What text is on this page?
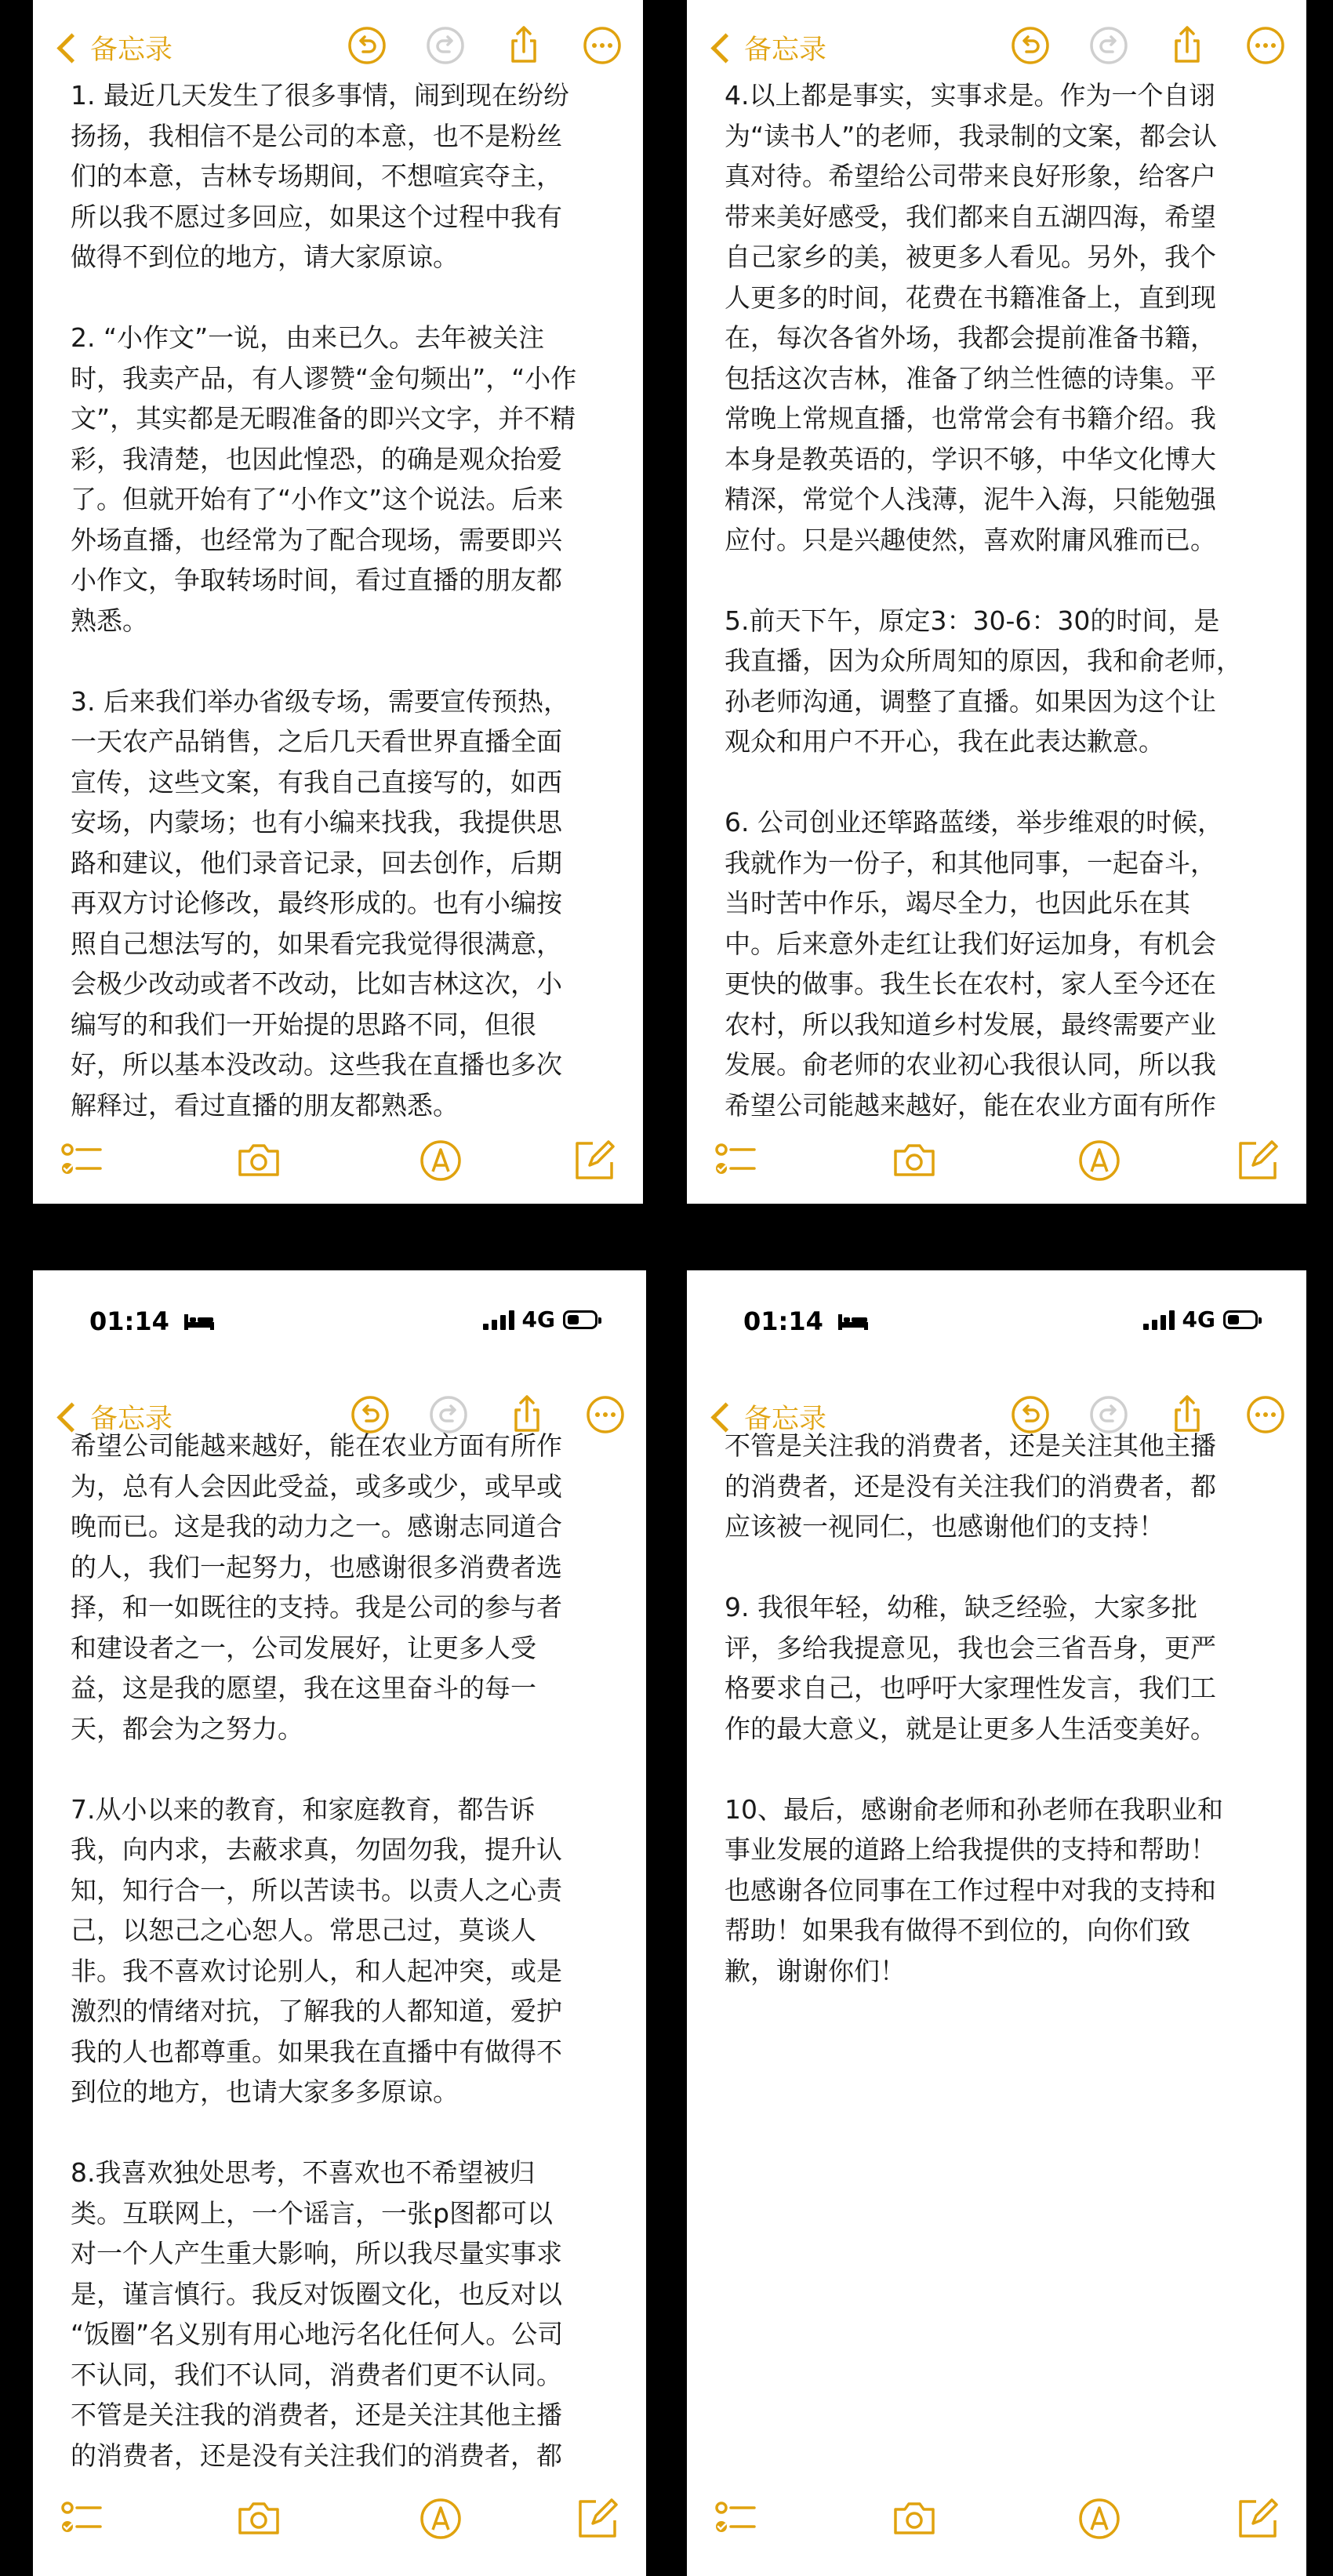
备忘录

1. 最近几天发生了很多事情，闹到现在纷纷
扬扬，我相信不是公司的本意，也不是粉丝
们的本意，吉林专场期间，不想喧宾夺主，
所以我不愿过多回应，如果这个过程中我有
做得不到位的地方，请大家原谅。

2. “小作文”一说，由来已久。去年被关注
时，我卖产品，有人谬赞“金句频出”，“小作
文”，其实都是无暇准备的即兴文字，并不精
彩，我清楚，也因此惶恐，的确是观众抬爱
了。但就开始有了“小作文”这个说法。后来
外场直播，也经常为了配合现场，需要即兴
小作文，争取转场时间，看过直播的朋友都
熟悉。

3. 后来我们举办省级专场，需要宣传预热，
一天农产品销售，之后几天看世界直播全面
宣传，这些文案，有我自己直接写的，如西
安场，内蒙场；也有小编来找我，我提供思
路和建议，他们录音记录，回去创作，后期
再双方讨论修改，最终形成的。也有小编按
照自己想法写的，如果看完我觉得很满意，
会极少改动或者不改动，比如吉林这次，小
编写的和我们一开始提的思路不同，但很
好，所以基本没改动。这些我在直播也多次
解释过，看过直播的朋友都熟悉。

备忘录

4.以上都是事实，实事求是。作为一个自诩
为“读书人”的老师，我录制的文案，都会认
真对待。希望给公司带来良好形象，给客户
带来美好感受，我们都来自五湖四海，希望
自己家乡的美，被更多人看见。另外，我个
人更多的时间，花费在书籍准备上，直到现
在，每次各省外场，我都会提前准备书籍，
包括这次吉林，准备了纳兰性德的诗集。平
常晚上常规直播，也常常会有书籍介绍。我
本身是教英语的，学识不够，中华文化博大
精深，常觉个人浅薄，泥牛入海，只能勉强
应付。只是兴趣使然，喜欢附庸风雅而已。

5.前天下午，原定3：30-6：30的时间，是
我直播，因为众所周知的原因，我和俞老师，
孙老师沟通，调整了直播。如果因为这个让
观众和用户不开心，我在此表达歉意。

6. 公司创业还筚路蓝缕，举步维艰的时候，
我就作为一份子，和其他同事，一起奋斗，
当时苦中作乐，竭尽全力，也因此乐在其
中。后来意外走红让我们好运加身，有机会
更快的做事。我生长在农村，家人至今还在
农村，所以我知道乡村发展，最终需要产业
发展。俞老师的农业初心我很认同，所以我
希望公司能越来越好，能在农业方面有所作

01:14	4G
备忘录

希望公司能越来越好，能在农业方面有所作
为，总有人会因此受益，或多或少，或早或
晚而已。这是我的动力之一。感谢志同道合
的人，我们一起努力，也感谢很多消费者选
择，和一如既往的支持。我是公司的参与者
和建设者之一，公司发展好，让更多人受
益，这是我的愿望，我在这里奋斗的每一
天，都会为之努力。

7.从小以来的教育，和家庭教育，都告诉
我，向内求，去蔽求真，勿固勿我，提升认
知，知行合一，所以苦读书。以责人之心责
己，以恕己之心恕人。常思己过，莫谈人
非。我不喜欢讨论别人，和人起冲突，或是
激烈的情绪对抗，了解我的人都知道，爱护
我的人也都尊重。如果我在直播中有做得不
到位的地方，也请大家多多原谅。

8.我喜欢独处思考，不喜欢也不希望被归
类。互联网上，一个谣言，一张p图都可以
对一个人产生重大影响，所以我尽量实事求
是，谨言慎行。我反对饭圈文化，也反对以
“饭圈”名义别有用心地污名化任何人。公司
不认同，我们不认同，消费者们更不认同。
不管是关注我的消费者，还是关注其他主播
的消费者，还是没有关注我们的消费者，都

01:14	4G
备忘录

不管是关注我的消费者，还是关注其他主播
的消费者，还是没有关注我们的消费者，都
应该被一视同仁，也感谢他们的支持！

9. 我很年轻，幼稚，缺乏经验，大家多批
评，多给我提意见，我也会三省吾身，更严
格要求自己，也呼吁大家理性发言，我们工
作的最大意义，就是让更多人生活变美好。

10、最后，感谢俞老师和孙老师在我职业和
事业发展的道路上给我提供的支持和帮助！
也感谢各位同事在工作过程中对我的支持和
帮助！如果我有做得不到位的，向你们致
歉，谢谢你们！
